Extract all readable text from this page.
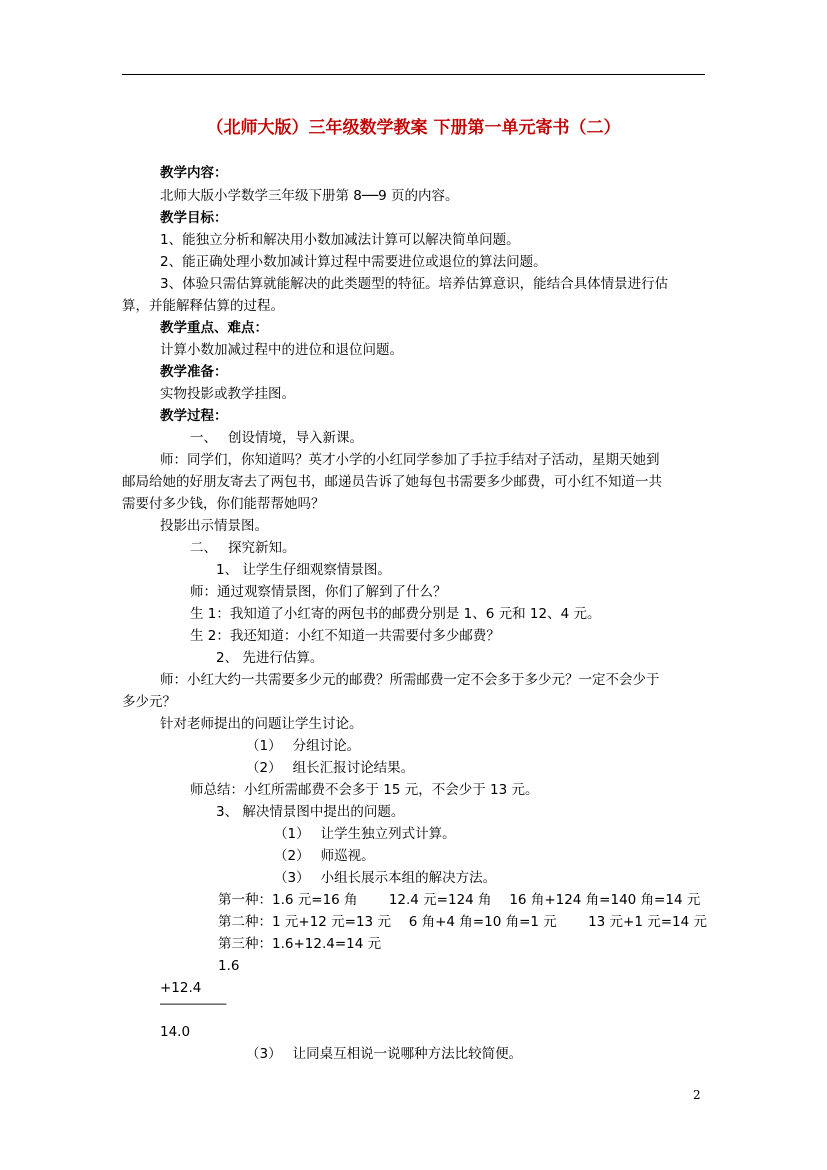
（北师大版）三年级数学教案 下册第一单元寄书（二）
教学内容：
北师大版小学数学三年级下册第 8──9 页的内容。
教学目标：
1、能独立分析和解决用小数加减法计算可以解决简单问题。
2、能正确处理小数加减计算过程中需要进位或退位的算法问题。
3、体验只需估算就能解决的此类题型的特征。培养估算意识，能结合具体情景进行估
算，并能解释估算的过程。
教学重点、难点：
计算小数加减过程中的进位和退位问题。
教学准备：
实物投影或教学挂图。
教学过程：
一、　 创设情境，导入新课。
师：同学们，你知道吗？英才小学的小红同学参加了手拉手结对子活动，星期天她到
邮局给她的好朋友寄去了两包书，邮递员告诉了她每包书需要多少邮费，可小红不知道一共
需要付多少钱，你们能帮帮她吗？
投影出示情景图。
二、　 探究新知。
1、 让学生仔细观察情景图。
师：通过观察情景图，你们了解到了什么？
生 1：我知道了小红寄的两包书的邮费分别是 1、6 元和 12、4 元。
生 2：我还知道：小红不知道一共需要付多少邮费？
2、 先进行估算。
师：小红大约一共需要多少元的邮费？所需邮费一定不会多于多少元？一定不会少于
多少元？
针对老师提出的问题让学生讨论。
（1）　 分组讨论。
（2）　 组长汇报讨论结果。
师总结：小红所需邮费不会多于 15 元，不会少于 13 元。
3、 解决情景图中提出的问题。
（1）　 让学生独立列式计算。
（2）　 师巡视。
（3）　 小组长展示本组的解决方法。
第一种：1.6 元=16 角　　 12.4 元=124 角　 16 角+124 角=140 角=14 元
第二种：1 元+12 元=13 元　 6 角+4 角=10 角=1 元　　 13 元+1 元=14 元
第三种：1.6+12.4=14 元
1.6
+12.4
──────────
14.0
（3）　 让同桌互相说一说哪种方法比较简便。
2
